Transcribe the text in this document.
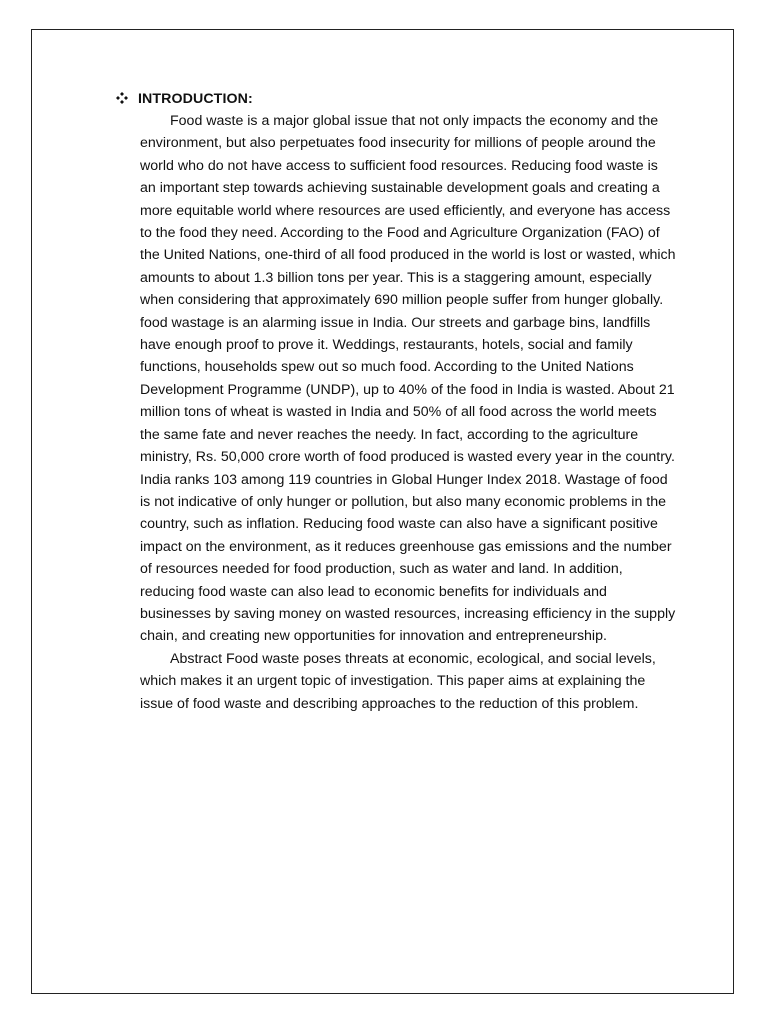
INTRODUCTION:

Food waste is a major global issue that not only impacts the economy and the environment, but also perpetuates food insecurity for millions of people around the world who do not have access to sufficient food resources. Reducing food waste is an important step towards achieving sustainable development goals and creating a more equitable world where resources are used efficiently, and everyone has access to the food they need. According to the Food and Agriculture Organization (FAO) of the United Nations, one-third of all food produced in the world is lost or wasted, which amounts to about 1.3 billion tons per year. This is a staggering amount, especially when considering that approximately 690 million people suffer from hunger globally. food wastage is an alarming issue in India. Our streets and garbage bins, landfills have enough proof to prove it. Weddings, restaurants, hotels, social and family functions, households spew out so much food. According to the United Nations Development Programme (UNDP), up to 40% of the food in India is wasted. About 21 million tons of wheat is wasted in India and 50% of all food across the world meets the same fate and never reaches the needy. In fact, according to the agriculture ministry, Rs. 50,000 crore worth of food produced is wasted every year in the country. India ranks 103 among 119 countries in Global Hunger Index 2018. Wastage of food is not indicative of only hunger or pollution, but also many economic problems in the country, such as inflation. Reducing food waste can also have a significant positive impact on the environment, as it reduces greenhouse gas emissions and the number of resources needed for food production, such as water and land. In addition, reducing food waste can also lead to economic benefits for individuals and businesses by saving money on wasted resources, increasing efficiency in the supply chain, and creating new opportunities for innovation and entrepreneurship.

Abstract Food waste poses threats at economic, ecological, and social levels, which makes it an urgent topic of investigation. This paper aims at explaining the issue of food waste and describing approaches to the reduction of this problem.
